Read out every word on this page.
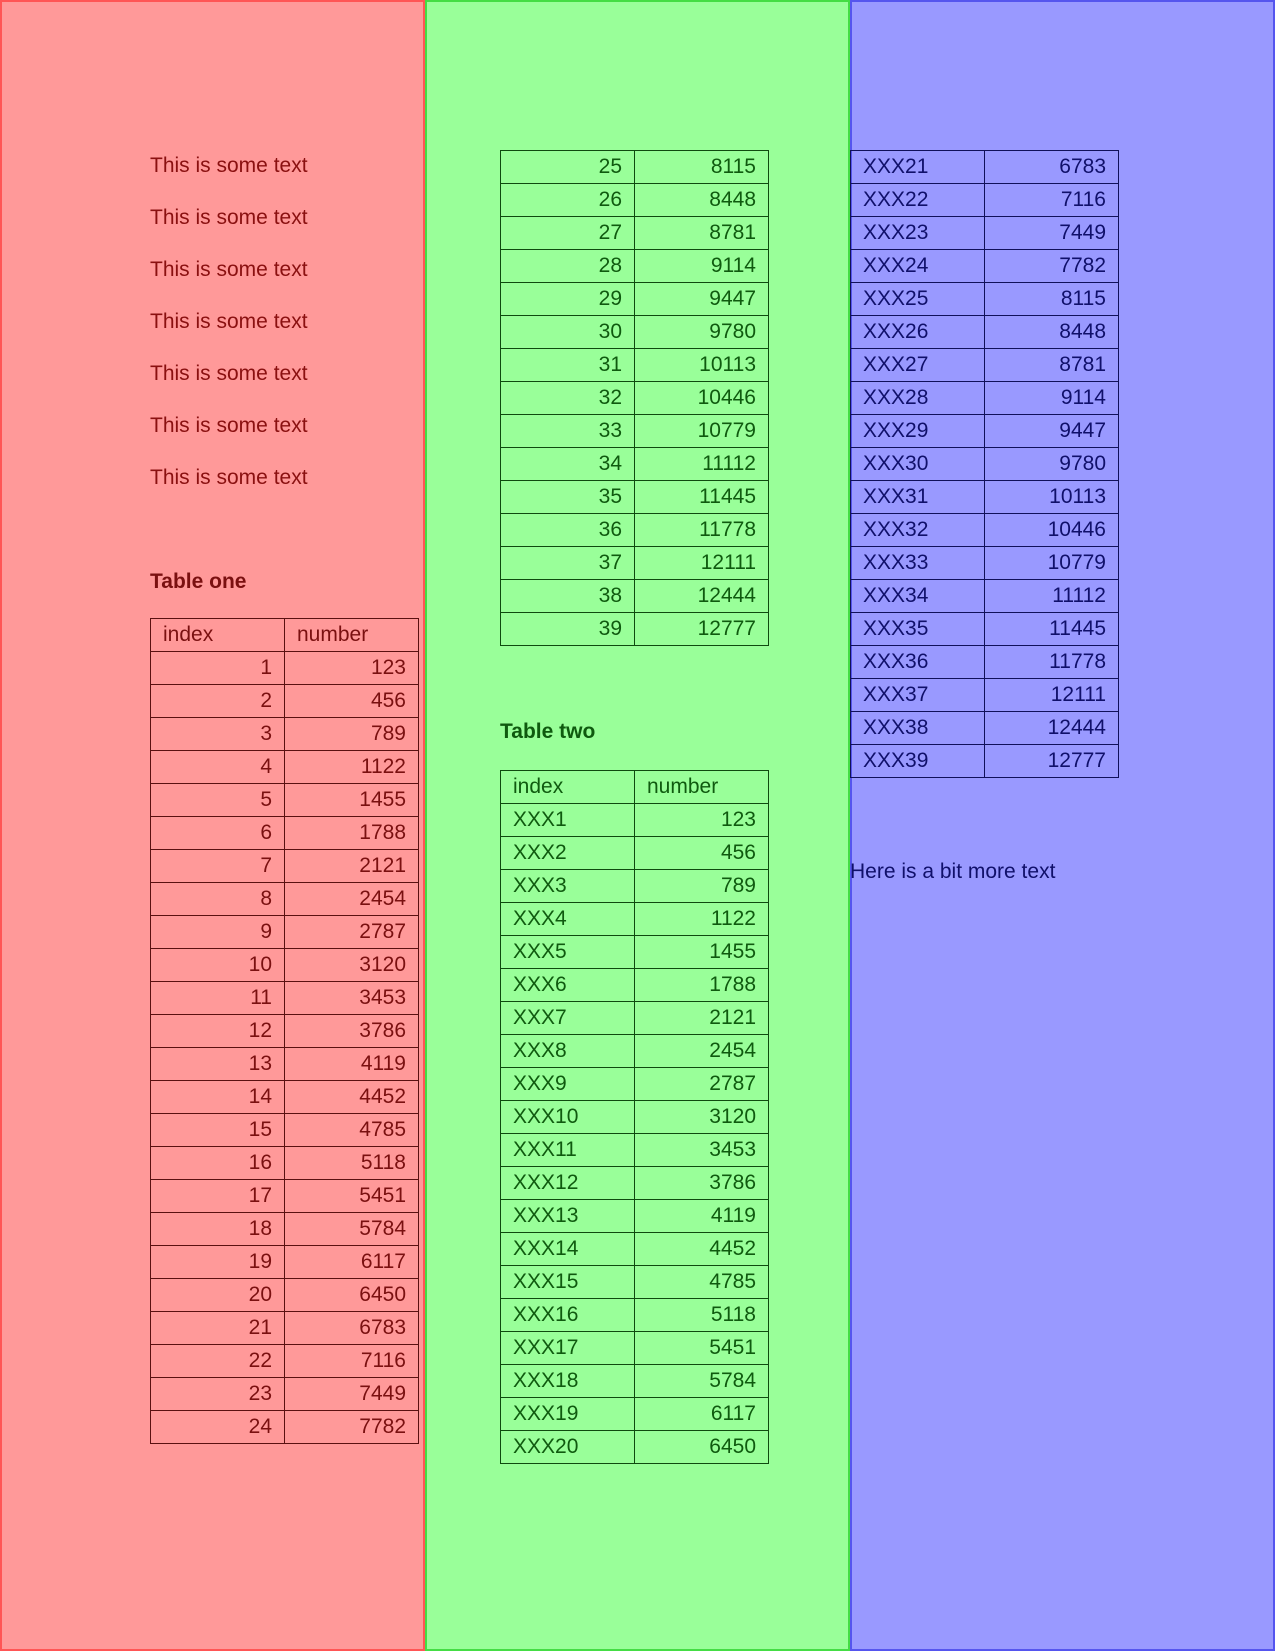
This is some text
This is some text
This is some text
This is some text
This is some text
This is some text
This is some text
Table one
index	number
1	123
2	456
3	789
4	1122
5	1455
6	1788
7	2121
8	2454
9	2787
10	3120
11	3453
12	3786
13	4119
14	4452
15	4785
16	5118
17	5451
18	5784
19	6117
20	6450
21	6783
22	7116
23	7449
24	7782
25	8115
26	8448
27	8781
28	9114
29	9447
30	9780
31	10113
32	10446
33	10779
34	11112
35	11445
36	11778
37	12111
38	12444
39	12777
Table two
index	number
XXX1	123
XXX2	456
XXX3	789
XXX4	1122
XXX5	1455
XXX6	1788
XXX7	2121
XXX8	2454
XXX9	2787
XXX10	3120
XXX11	3453
XXX12	3786
XXX13	4119
XXX14	4452
XXX15	4785
XXX16	5118
XXX17	5451
XXX18	5784
XXX19	6117
XXX20	6450
XXX21	6783
XXX22	7116
XXX23	7449
XXX24	7782
XXX25	8115
XXX26	8448
XXX27	8781
XXX28	9114
XXX29	9447
XXX30	9780
XXX31	10113
XXX32	10446
XXX33	10779
XXX34	11112
XXX35	11445
XXX36	11778
XXX37	12111
XXX38	12444
XXX39	12777
Here is a bit more text
